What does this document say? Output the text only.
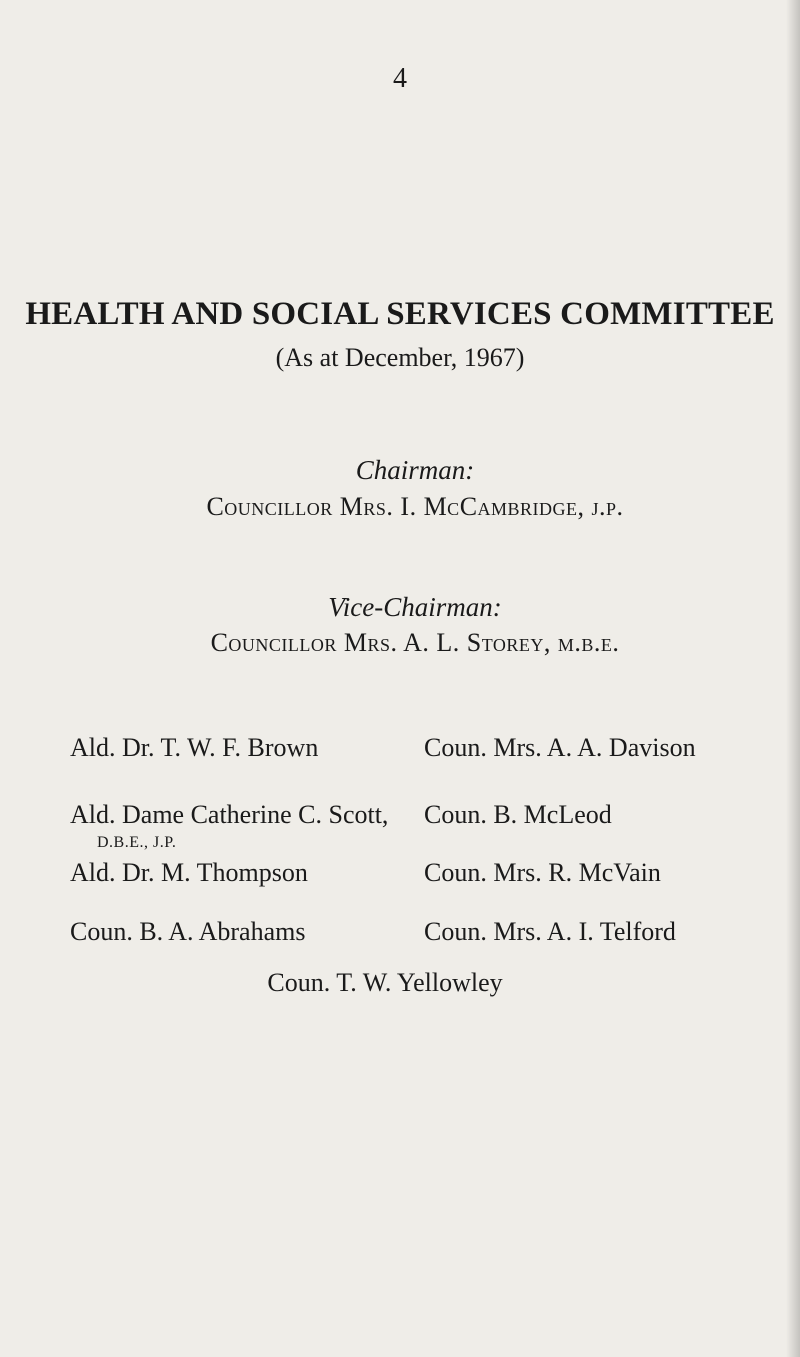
4
HEALTH AND SOCIAL SERVICES COMMITTEE
(As at December, 1967)
Chairman:
Councillor Mrs. I. McCambridge, j.p.
Vice-Chairman:
Councillor Mrs. A. L. Storey, m.b.e.
Ald. Dr. T. W. F. Brown
Ald. Dame Catherine C. Scott,
D.B.E., J.P.
Ald. Dr. M. Thompson
Coun. B. A. Abrahams
Coun. Mrs. A. A. Davison
Coun. B. McLeod
Coun. Mrs. R. McVain
Coun. Mrs. A. I. Telford
Coun. T. W. Yellowley
